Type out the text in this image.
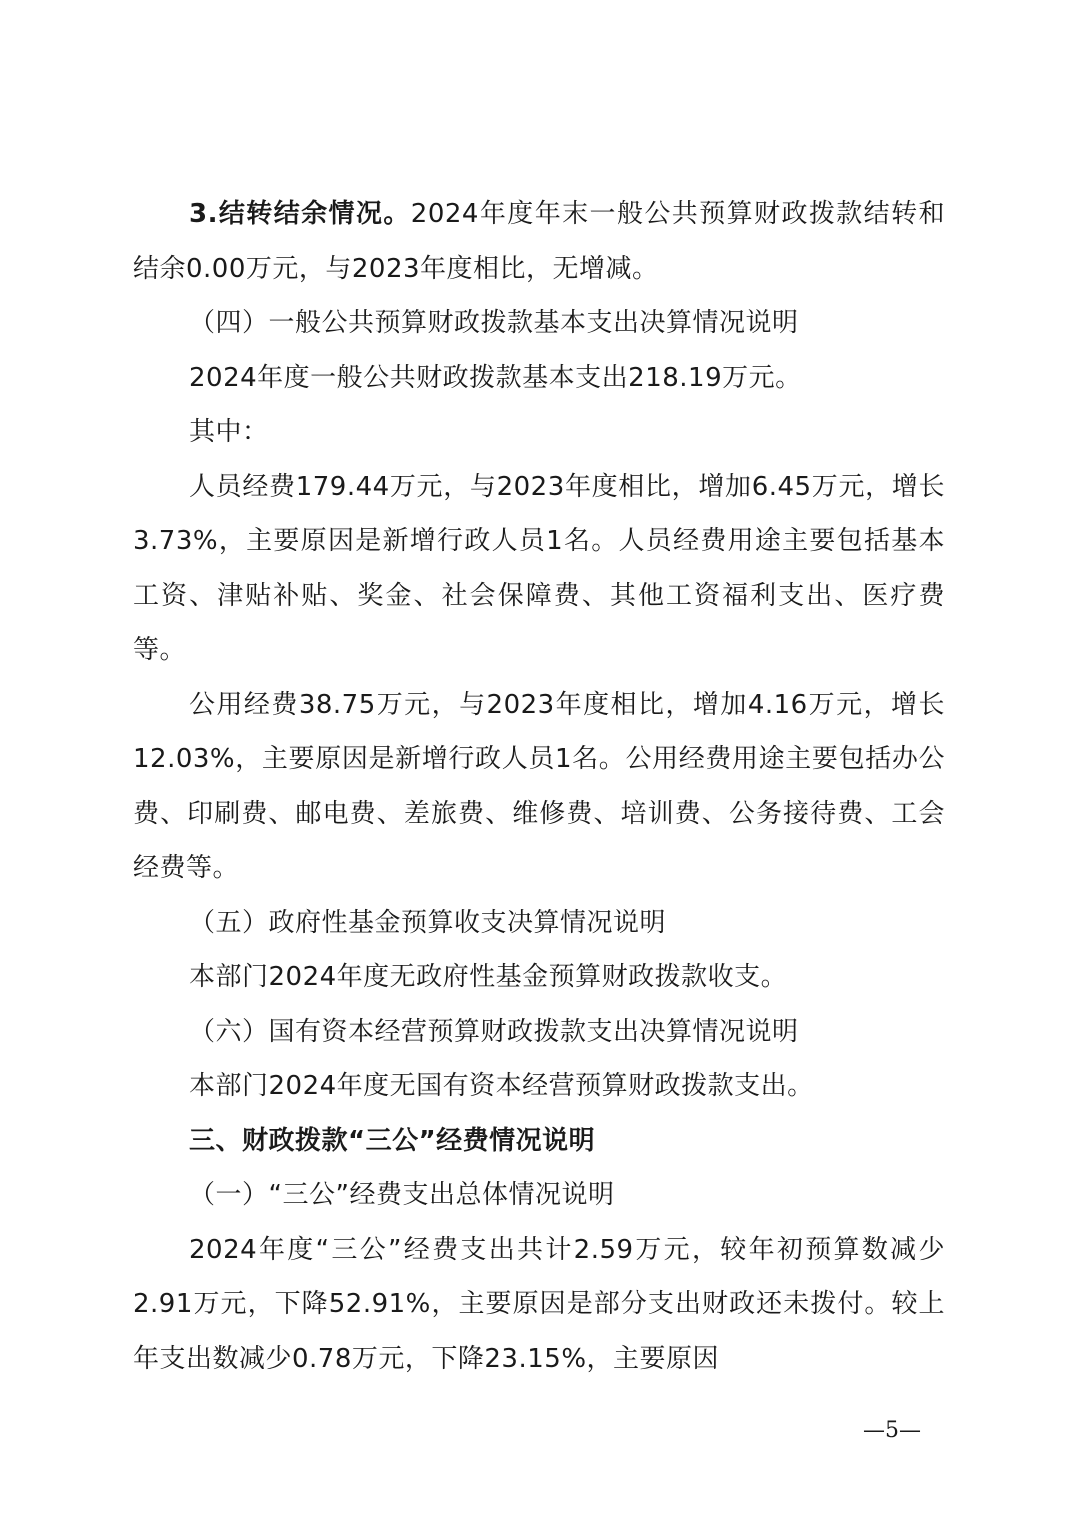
3.结转结余情况。2024年度年末一般公共预算财政拨款结转和结余0.00万元，与2023年度相比，无增减。

（四）一般公共预算财政拨款基本支出决算情况说明

2024年度一般公共财政拨款基本支出218.19万元。

其中：

人员经费179.44万元，与2023年度相比，增加6.45万元，增长3.73%，主要原因是新增行政人员1名。人员经费用途主要包括基本工资、津贴补贴、奖金、社会保障费、其他工资福利支出、医疗费等。

公用经费38.75万元，与2023年度相比，增加4.16万元，增长12.03%，主要原因是新增行政人员1名。公用经费用途主要包括办公费、印刷费、邮电费、差旅费、维修费、培训费、公务接待费、工会经费等。

（五）政府性基金预算收支决算情况说明

本部门2024年度无政府性基金预算财政拨款收支。

（六）国有资本经营预算财政拨款支出决算情况说明

本部门2024年度无国有资本经营预算财政拨款支出。

三、财政拨款“三公”经费情况说明

（一）“三公”经费支出总体情况说明

2024年度“三公”经费支出共计2.59万元，较年初预算数减少2.91万元，下降52.91%，主要原因是部分支出财政还未拨付。较上年支出数减少0.78万元，下降23.15%，主要原因

—5—
